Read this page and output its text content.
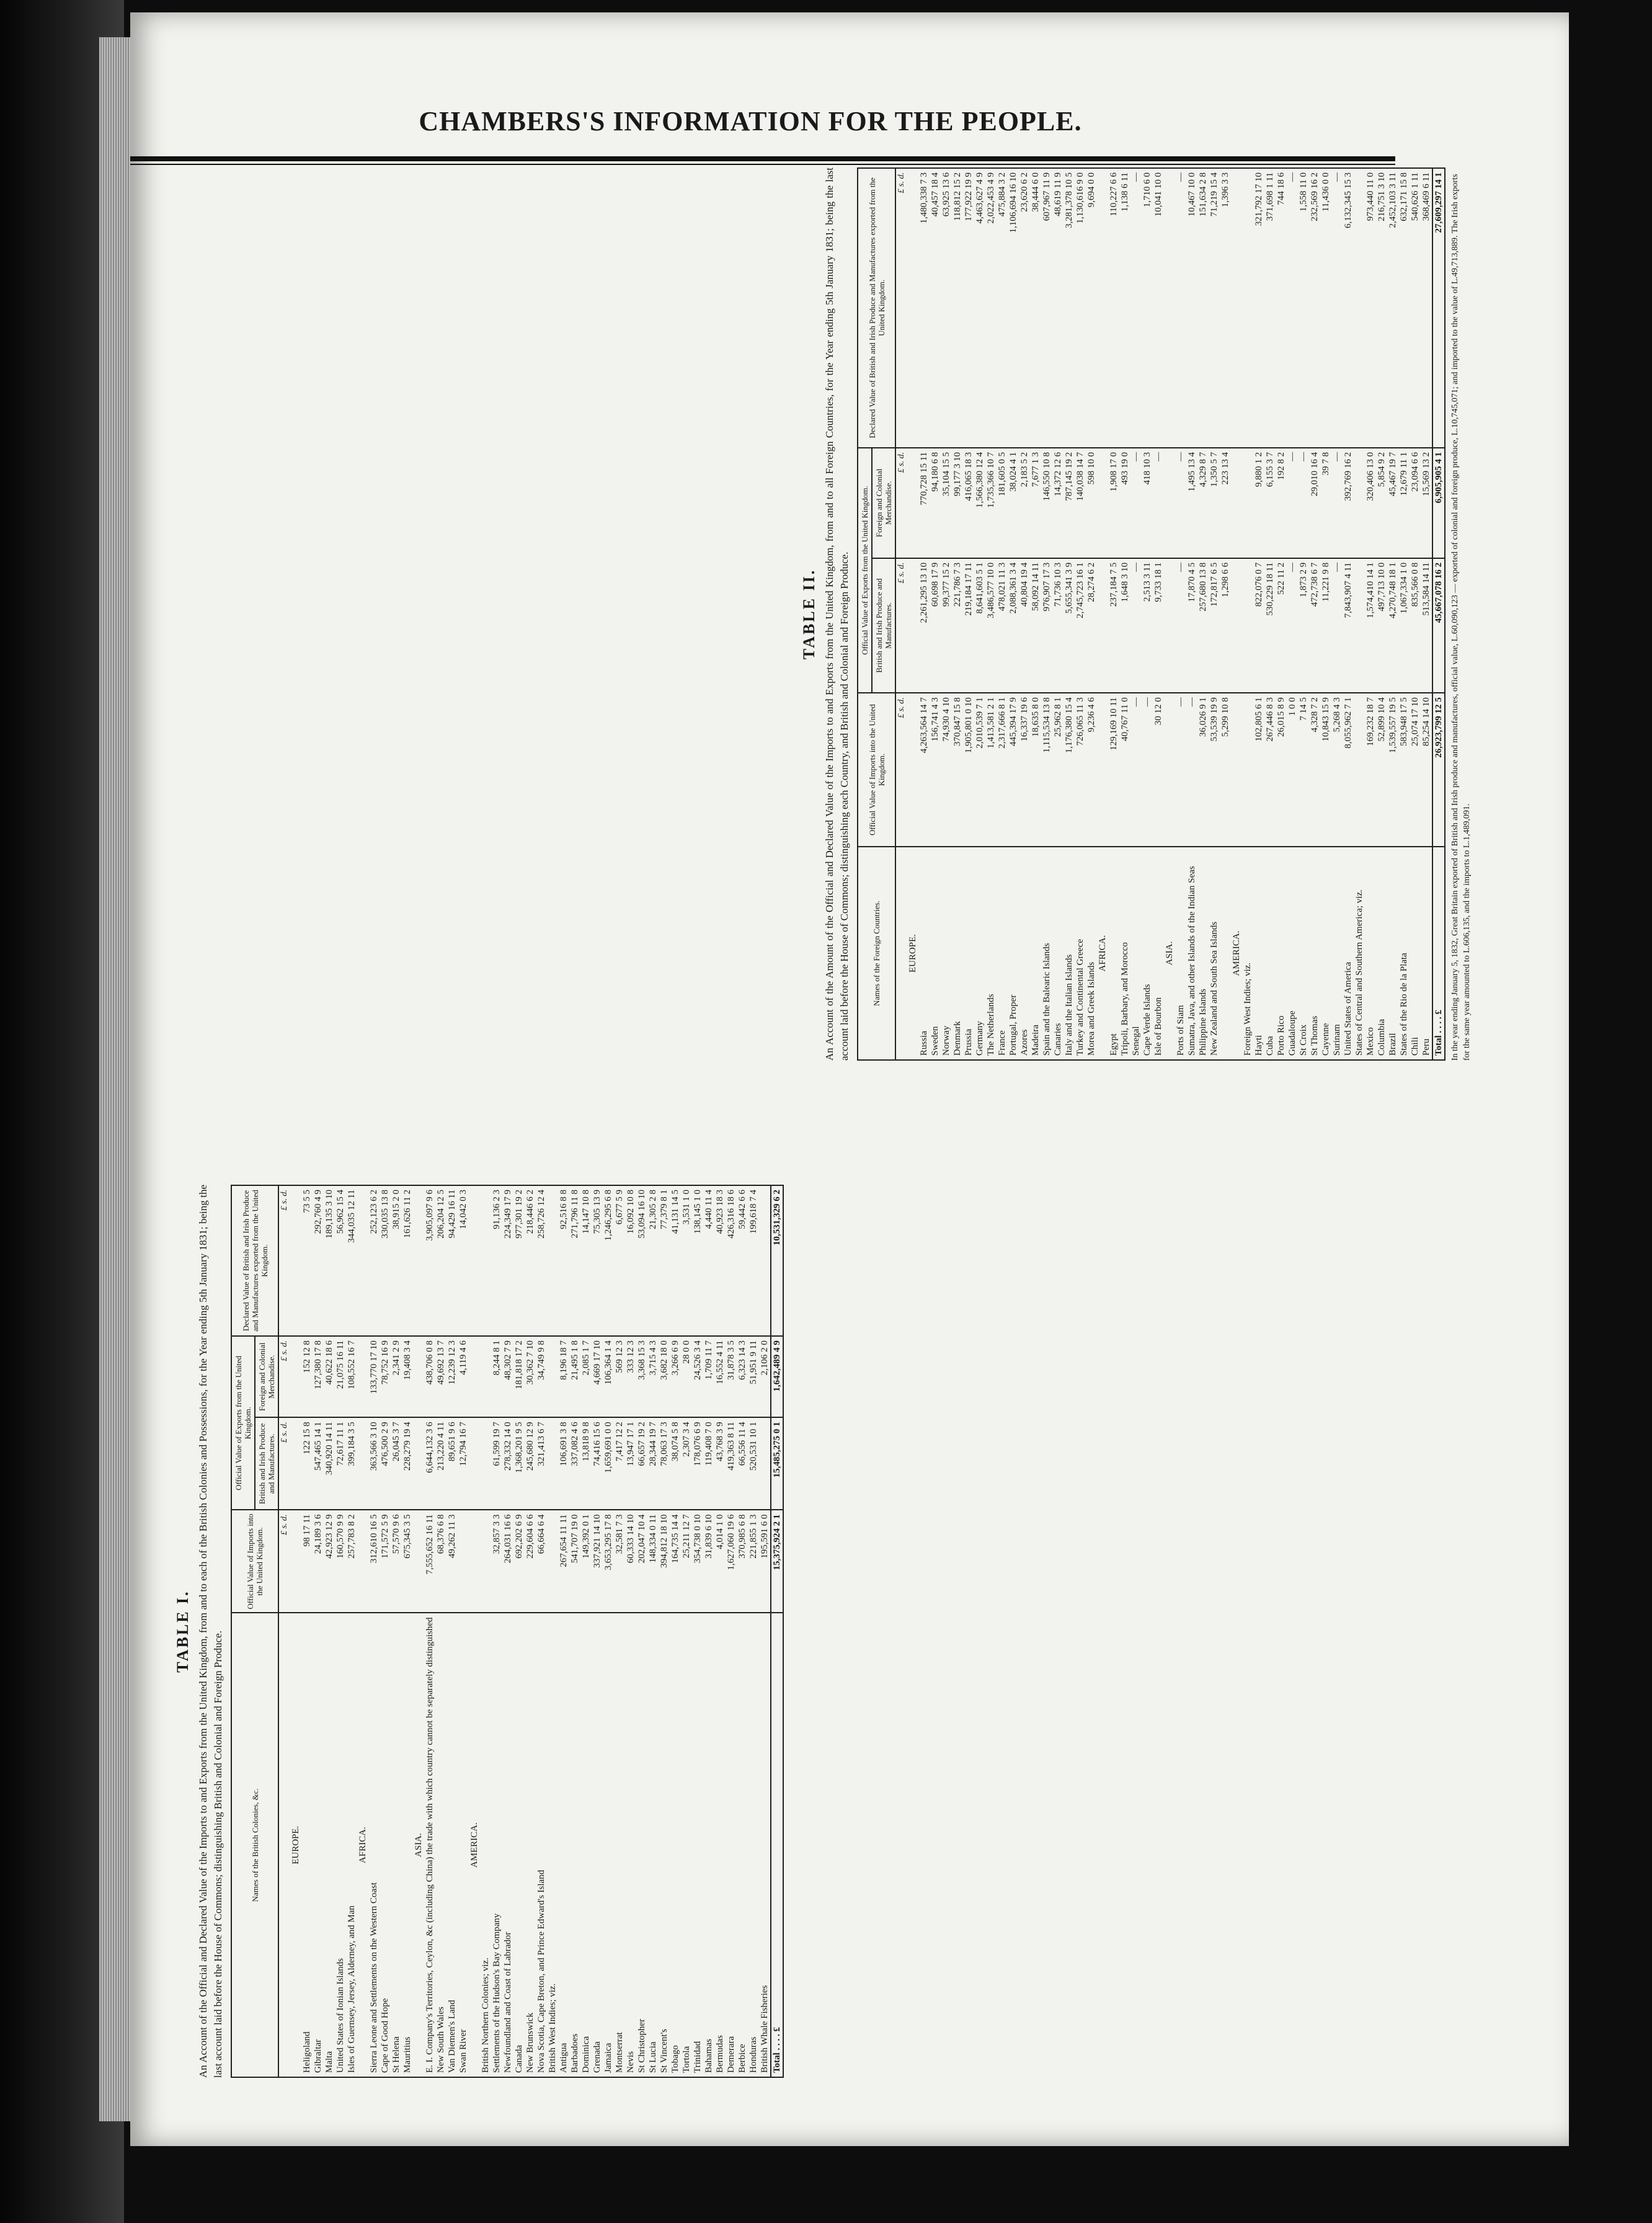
CHAMBERS'S INFORMATION FOR THE PEOPLE.
TABLE I. An Account of the Official and Declared Value of the Imports to and Exports from the United Kingdom, from and to each of the British Colonies and Possessions, for the Year ending 5th January 1831; being the last account laid before the House of Commons; distinguishing British and Colonial and Foreign Produce.	Names of the British Colonies, &c.	Official Value of Imports into the United Kingdom.	Official Value of Exports from the United Kingdom.		Declared Value of British and Irish Produce and Manufactures exported from the United Kingdom.
		British and Irish Produce and Manufactures.	Foreign and Colonial Merchandise.	
	£ s. d.	£ s. d.	£ s. d.	£ s. d.
EUROPE.				
Heligoland	98 17 11	122 15 8	152 12 8	73 5 5
Gibraltar	24,189 3 6	547,465 14 1	127,380 17 8	292,760 4 9
Malta	42,923 12 9	340,920 14 11	40,622 18 6	189,135 3 10
United States of Ionian Islands	160,570 9 9	72,617 11 1	21,075 16 11	56,962 15 4
Isles of Guernsey, Jersey, Alderney, and Man	257,783 8 2	399,184 3 5	108,552 16 7	344,035 12 11
AFRICA.				
Sierra Leone and Settlements on the Western Coast	312,610 16 5	363,566 3 10	133,770 17 10	252,123 6 2
Cape of Good Hope	171,572 5 9	476,500 2 9	78,752 16 9	330,035 13 8
St Helena	57,570 9 6	26,045 3 7	2,341 2 9	38,915 2 0
Mauritius	675,345 3 5	228,279 19 4	19,408 3 4	161,626 11 2
ASIA.				
E. I. Company's Territories, Ceylon, &c (including China) the trade with which country cannot be separately distinguished	7,555,652 16 11	6,644,132 3 6	438,706 0 8	3,905,097 9 6
New South Wales	68,376 6 8	213,220 4 11	49,692 13 7	206,204 12 5
Van Diemen's Land	49,262 11 3	89,651 9 6	12,239 12 3	94,429 16 11
Swan River		12,794 16 7	4,119 4 6	14,042 0 3
AMERICA.				
British Northern Colonies; viz.				
Settlements of the Hudson's Bay Company	32,857 3 3	61,599 19 7	8,244 8 1	91,136 2 3
Newfoundland and Coast of Labrador	264,031 16 6	278,332 14 0	48,302 7 9	224,349 17 9
Canada	692,202 6 9	1,368,201 9 5	181,818 17 2	977,301 19 2
New Brunswick	229,604 6 6	245,680 12 9	30,362 7 10	218,446 6 2
Nova Scotia, Cape Breton, and Prince Edward's Island	66,664 6 4	321,413 6 7	34,749 9 8	258,726 12 4
British West Indies; viz.				
Antigua	267,654 11 11	106,691 3 8	8,196 18 7	92,516 8 8
Barbadoes	541,707 19 0	337,082 4 6	21,495 1 8	271,796 11 8
Dominica	149,392 0 1	13,818 9 8	2,085 1 7	14,147 10 8
Grenada	337,921 14 10	74,416 15 6	4,669 17 10	75,305 13 9
Jamaica	3,653,295 17 8	1,659,691 0 0	106,364 1 4	1,246,295 6 8
Montserrat	32,581 7 3	7,417 12 2	569 12 3	6,677 5 9
Nevis	60,333 14 10	13,947 17 1	333 12 3	16,092 10 8
St Christopher	202,047 10 4	66,657 19 2	3,368 15 3	53,094 16 10
St Lucia	148,334 0 11	28,344 19 7	3,715 4 3	21,305 2 8
St Vincent's	394,812 18 10	78,063 17 3	3,682 18 0	77,379 8 1
Tobago	164,735 14 4	38,074 5 8	3,266 6 9	41,131 14 5
Tortola	25,211 12 7	2,307 3 4	28 0 0	3,531 1 0
Trinidad	354,738 0 10	178,076 6 9	24,526 3 4	138,145 1 0
Bahamas	31,839 6 10	119,408 7 0	1,709 11 7	4,440 11 4
Bermudas	4,014 1 0	43,768 3 9	16,552 4 11	40,923 18 3
Demerara	1,627,060 19 6	419,363 8 11	31,878 3 5	426,316 18 6
Berbice	370,985 6 8	66,556 11 4	6,323 14 3	59,442 6 6
Honduras	221,855 1 3	520,531 10 1	51,951 9 11	199,618 7 4
British Whale Fisheries	195,591 6 0		2,106 2 0	
Total . . . . £	15,375,924 2 1	15,485,275 0 1	1,642,489 4 9	10,531,329 6 2
TABLE II. An Account of the Amount of the Official and Declared Value of the Imports to and Exports from the United Kingdom, from and to all Foreign Countries, for the Year ending 5th January 1831; being the last account laid before the House of Commons; distinguishing each Country, and British and Colonial and Foreign Produce.	Names of the Foreign Countries.	Official Value of Imports into the United Kingdom.	Official Value of Exports from the United Kingdom.		Declared Value of British and Irish Produce and Manufactures exported from the United Kingdom.
		British and Irish Produce and Manufactures.	Foreign and Colonial Merchandise.	
	£ s. d.	£ s. d.	£ s. d.	£ s. d.
EUROPE.				
Russia	4,263,564 14 7	2,261,295 13 10	770,728 15 11	1,480,338 7 3
Sweden	156,741 4 3	60,698 17 9	94,180 6 8	40,457 18 4
Norway	74,930 4 10	99,377 15 2	35,104 15 5	63,925 13 6
Denmark	370,847 15 8	221,786 7 3	99,177 3 10	118,812 15 2
Prussia	1,905,801 0 10	219,184 17 11	416,065 18 3	177,922 19 9
Germany	2,010,539 7 1	8,641,603 5 1	1,566,380 12 4	4,463,627 4 9
The Netherlands	1,413,581 2 1	3,486,577 10 0	1,735,366 10 7	2,022,453 4 9
France	2,317,666 8 1	478,021 11 3	181,605 0 5	475,884 3 2
Portugal, Proper	445,394 17 9	2,088,361 3 4	38,024 4 1	1,106,694 16 10
Azores	16,337 19 6	40,804 19 4	2,183 5 2	23,620 6 2
Madeira	18,635 8 0	58,092 14 11	7,677 1 3	38,444 6 0
Spain and the Balearic Islands	1,115,534 13 8	976,907 17 3	146,550 10 8	607,967 11 9
Canaries	25,962 8 1	71,736 10 3	14,372 12 6	48,619 11 9
Italy and the Italian Islands	1,176,380 15 4	5,655,341 3 9	787,145 19 2	3,281,378 10 5
Turkey and Continental Greece	726,065 11 3	2,745,723 16 1	140,038 14 7	1,130,616 9 0
Morea and Greek Islands	9,236 4 6	28,274 6 2	598 10 0	9,694 0 0
AFRICA.				
Egypt	129,169 10 11	237,184 7 5	1,908 17 0	110,227 6 6
Tripoli, Barbary, and Morocco	40,767 11 0	1,648 3 10	493 19 0	1,138 6 11
Senegal	—	—	—	—
Cape Verde Islands	—	2,513 3 11	418 10 3	1,710 6 0
Isle of Bourbon	30 12 0	9,733 18 1	—	10,041 10 0
ASIA.				
Ports of Siam	—	—	—	—
Sumatra, Java, and other Islands of the Indian Seas	—	17,870 4 5	1,495 13 4	10,467 10 0
Philippine Islands	36,026 9 1	257,680 13 8	4,329 8 7	151,634 2 8
New Zealand and South Sea Islands	53,539 19 9	172,817 6 5	1,350 5 7	71,219 15 4
	5,299 10 8	1,298 6 6	223 13 4	1,396 3 3
AMERICA.				
Foreign West Indies; viz.				
Hayti	102,805 6 1	822,076 0 7	9,880 1 2	321,792 17 10
Cuba	267,446 8 3	530,229 18 11	6,155 3 7	371,698 1 11
Porto Rico	26,015 8 9	522 11 2	192 8 2	744 18 6
Guadaloupe	1 0 0	—	—	—
St Croix	7 14 5	1,873 2 9	—	1,558 11 0
St Thomas	4,328 7 2	472,738 6 7	29,010 16 4	232,569 16 2
Cayenne	10,843 15 9	11,221 9 8	39 7 8	11,436 0 0
Surinam	5,268 4 3	—	—	—
United States of America	8,055,962 7 1	7,843,907 4 11	392,769 16 2	6,132,345 15 3
States of Central and Southern America; viz.				
Mexico	169,232 18 7	1,574,410 14 1	320,406 13 0	973,440 11 0
Columbia	52,899 10 4	497,713 10 0	5,854 9 2	216,751 3 10
Brazil	1,539,557 19 5	4,270,748 18 1	45,467 19 7	2,452,103 3 11
States of the Rio de la Plata	583,948 17 5	1,067,334 1 0	12,679 11 1	632,171 15 8
Chili	25,074 17 10	835,566 0 8	23,094 6 6	540,626 1 11
Peru	85,254 14 10	513,584 14 11	15,569 13 2	368,469 6 11
Total . . . . £	26,923,799 12 5	45,667,078 16 2	6,905,905 4 1	27,609,297 14 1 In the year ending January 5, 1832, Great Britain exported of British and Irish produce and manufactures, official value, L.60,090,123 — exported of colonial and foreign produce, L.10,745,071; and imported to the value of L.49,713,889. The Irish exports for the same year amounted to L.606,135, and the imports to L.1,489,091.
